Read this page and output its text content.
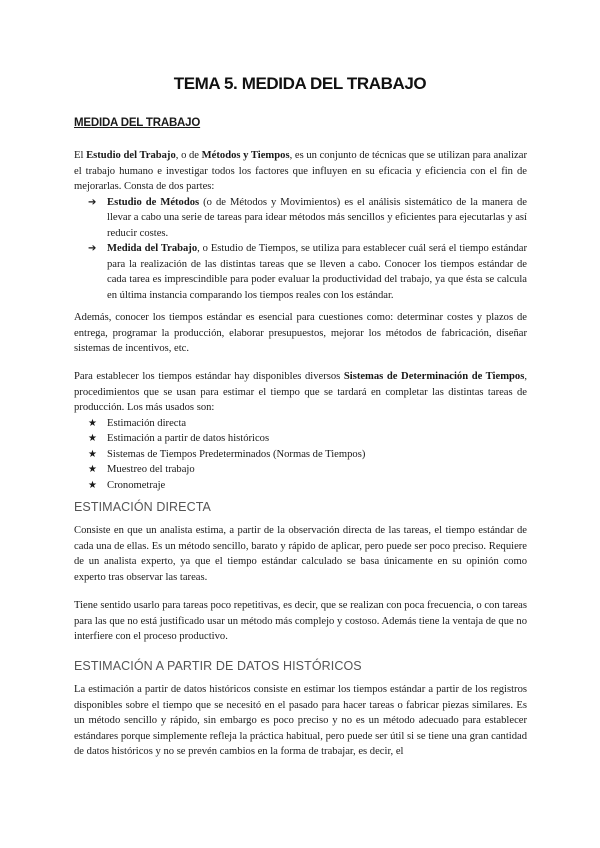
TEMA 5. MEDIDA DEL TRABAJO
MEDIDA DEL TRABAJO

El Estudio del Trabajo, o de Métodos y Tiempos, es un conjunto de técnicas que se utilizan para analizar el trabajo humano e investigar todos los factores que influyen en su eficacia y eficiencia con el fin de mejorarlas. Consta de dos partes:

➔ Estudio de Métodos (o de Métodos y Movimientos) es el análisis sistemático de la manera de llevar a cabo una serie de tareas para idear métodos más sencillos y eficientes para ejecutarlas y así reducir costes.
➔ Medida del Trabajo, o Estudio de Tiempos, se utiliza para establecer cuál será el tiempo estándar para la realización de las distintas tareas que se lleven a cabo. Conocer los tiempos estándar de cada tarea es imprescindible para poder evaluar la productividad del trabajo, ya que ésta se calcula en última instancia comparando los tiempos reales con los estándar.

Además, conocer los tiempos estándar es esencial para cuestiones como: determinar costes y plazos de entrega, programar la producción, elaborar presupuestos, mejorar los métodos de fabricación, diseñar sistemas de incentivos, etc.

Para establecer los tiempos estándar hay disponibles diversos Sistemas de Determinación de Tiempos, procedimientos que se usan para estimar el tiempo que se tardará en completar las distintas tareas de producción. Los más usados son:

★ Estimación directa
★ Estimación a partir de datos históricos
★ Sistemas de Tiempos Predeterminados (Normas de Tiempos)
★ Muestreo del trabajo
★ Cronometraje
ESTIMACIÓN DIRECTA

Consiste en que un analista estima, a partir de la observación directa de las tareas, el tiempo estándar de cada una de ellas. Es un método sencillo, barato y rápido de aplicar, pero puede ser poco preciso. Requiere de un analista experto, ya que el tiempo estándar calculado se basa únicamente en su opinión como experto tras observar las tareas.

Tiene sentido usarlo para tareas poco repetitivas, es decir, que se realizan con poca frecuencia, o con tareas para las que no está justificado usar un método más complejo y costoso. Además tiene la ventaja de que no interfiere con el proceso productivo.

ESTIMACIÓN A PARTIR DE DATOS HISTÓRICOS

La estimación a partir de datos históricos consiste en estimar los tiempos estándar a partir de los registros disponibles sobre el tiempo que se necesitó en el pasado para hacer tareas o fabricar piezas similares. Es un método sencillo y rápido, sin embargo es poco preciso y no es un método adecuado para establecer estándares porque simplemente refleja la práctica habitual, pero puede ser útil si se tiene una gran cantidad de datos históricos y no se prevén cambios en la forma de trabajar, es decir, el
